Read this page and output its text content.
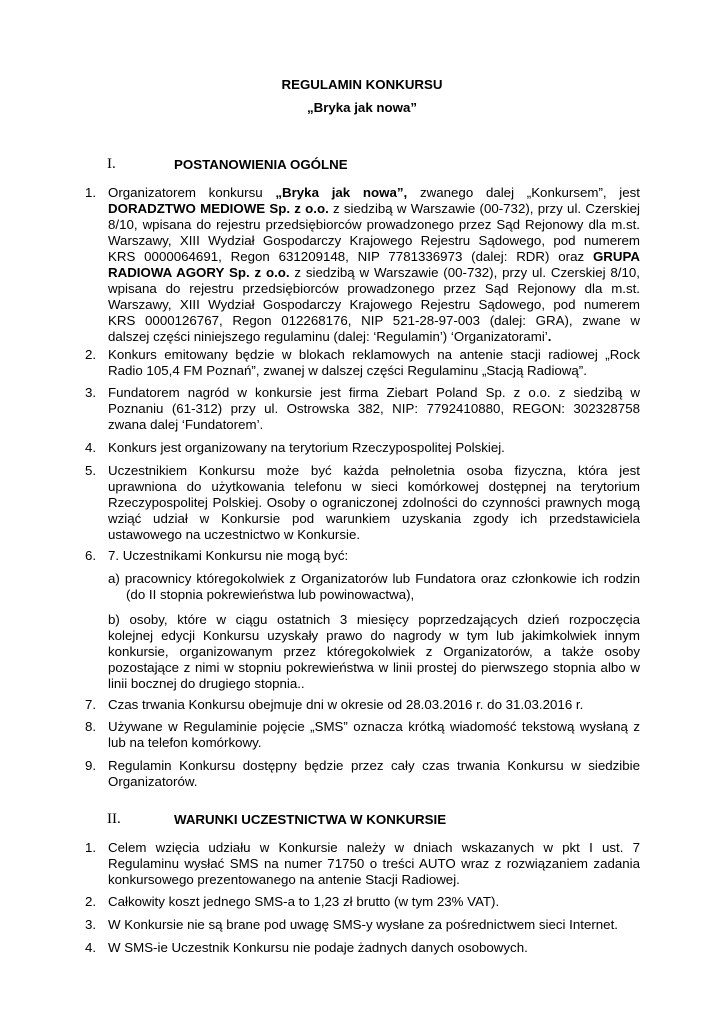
REGULAMIN KONKURSU
„Bryka jak nowa”
I.	POSTANOWIENIA OGÓLNE
1. Organizatorem konkursu „Bryka jak nowa”, zwanego dalej „Konkursem”, jest
DORADZTWO MEDIOWE Sp. z o.o. z siedzibą w Warszawie (00-732), przy ul. Czerskiej
8/10, wpisana do rejestru przedsiębiorców prowadzonego przez Sąd Rejonowy dla m.st.
Warszawy, XIII Wydział Gospodarczy Krajowego Rejestru Sądowego, pod numerem
KRS 0000064691, Regon 631209148, NIP 7781336973 (dalej: RDR) oraz GRUPA
RADIOWA AGORY Sp. z o.o. z siedzibą w Warszawie (00-732), przy ul. Czerskiej 8/10,
wpisana do rejestru przedsiębiorców prowadzonego przez Sąd Rejonowy dla m.st.
Warszawy, XIII Wydział Gospodarczy Krajowego Rejestru Sądowego, pod numerem
KRS 0000126767, Regon 012268176, NIP 521-28-97-003 (dalej: GRA), zwane w
dalszej części niniejszego regulaminu (dalej: ‘Regulamin’) ‘Organizatorami’.
2. Konkurs emitowany będzie w blokach reklamowych na antenie stacji radiowej „Rock
Radio 105,4 FM Poznań”, zwanej w dalszej części Regulaminu „Stacją Radiową”.
3. Fundatorem nagród w konkursie jest firma Ziebart Poland Sp. z o.o. z siedzibą w
Poznaniu (61-312) przy ul. Ostrowska 382, NIP: 7792410880, REGON: 302328758
zwana dalej ‘Fundatorem’.
4. Konkurs jest organizowany na terytorium Rzeczypospolitej Polskiej.
5. Uczestnikiem Konkursu może być każda pełnoletnia osoba fizyczna, która jest
uprawniona do użytkowania telefonu w sieci komórkowej dostępnej na terytorium
Rzeczypospolitej Polskiej. Osoby o ograniczonej zdolności do czynności prawnych mogą
wziąć udział w Konkursie pod warunkiem uzyskania zgody ich przedstawiciela
ustawowego na uczestnictwo w Konkursie.
6. 7. Uczestnikami Konkursu nie mogą być:
a) pracownicy któregokolwiek z Organizatorów lub Fundatora oraz członkowie ich rodzin
(do II stopnia pokrewieństwa lub powinowactwa),
b) osoby, które w ciągu ostatnich 3 miesięcy poprzedzających dzień rozpoczęcia
kolejnej edycji Konkursu uzyskały prawo do nagrody w tym lub jakimkolwiek innym
konkursie, organizowanym przez któregokolwiek z Organizatorów, a także osoby
pozostające z nimi w stopniu pokrewieństwa w linii prostej do pierwszego stopnia albo w
linii bocznej do drugiego stopnia..
7. Czas trwania Konkursu obejmuje dni w okresie od 28.03.2016 r. do 31.03.2016 r.
8. Używane w Regulaminie pojęcie „SMS” oznacza krótką wiadomość tekstową wysłaną z
lub na telefon komórkowy.
9. Regulamin Konkursu dostępny będzie przez cały czas trwania Konkursu w siedzibie
Organizatorów.
II.	WARUNKI UCZESTNICTWA W KONKURSIE
1. Celem wzięcia udziału w Konkursie należy w dniach wskazanych w pkt I ust. 7
Regulaminu wysłać SMS na numer 71750 o treści AUTO wraz z rozwiązaniem zadania
konkursowego prezentowanego na antenie Stacji Radiowej.
2. Całkowity koszt jednego SMS-a to 1,23 zł brutto (w tym 23% VAT).
3. W Konkursie nie są brane pod uwagę SMS-y wysłane za pośrednictwem sieci Internet.
4. W SMS-ie Uczestnik Konkursu nie podaje żadnych danych osobowych.
